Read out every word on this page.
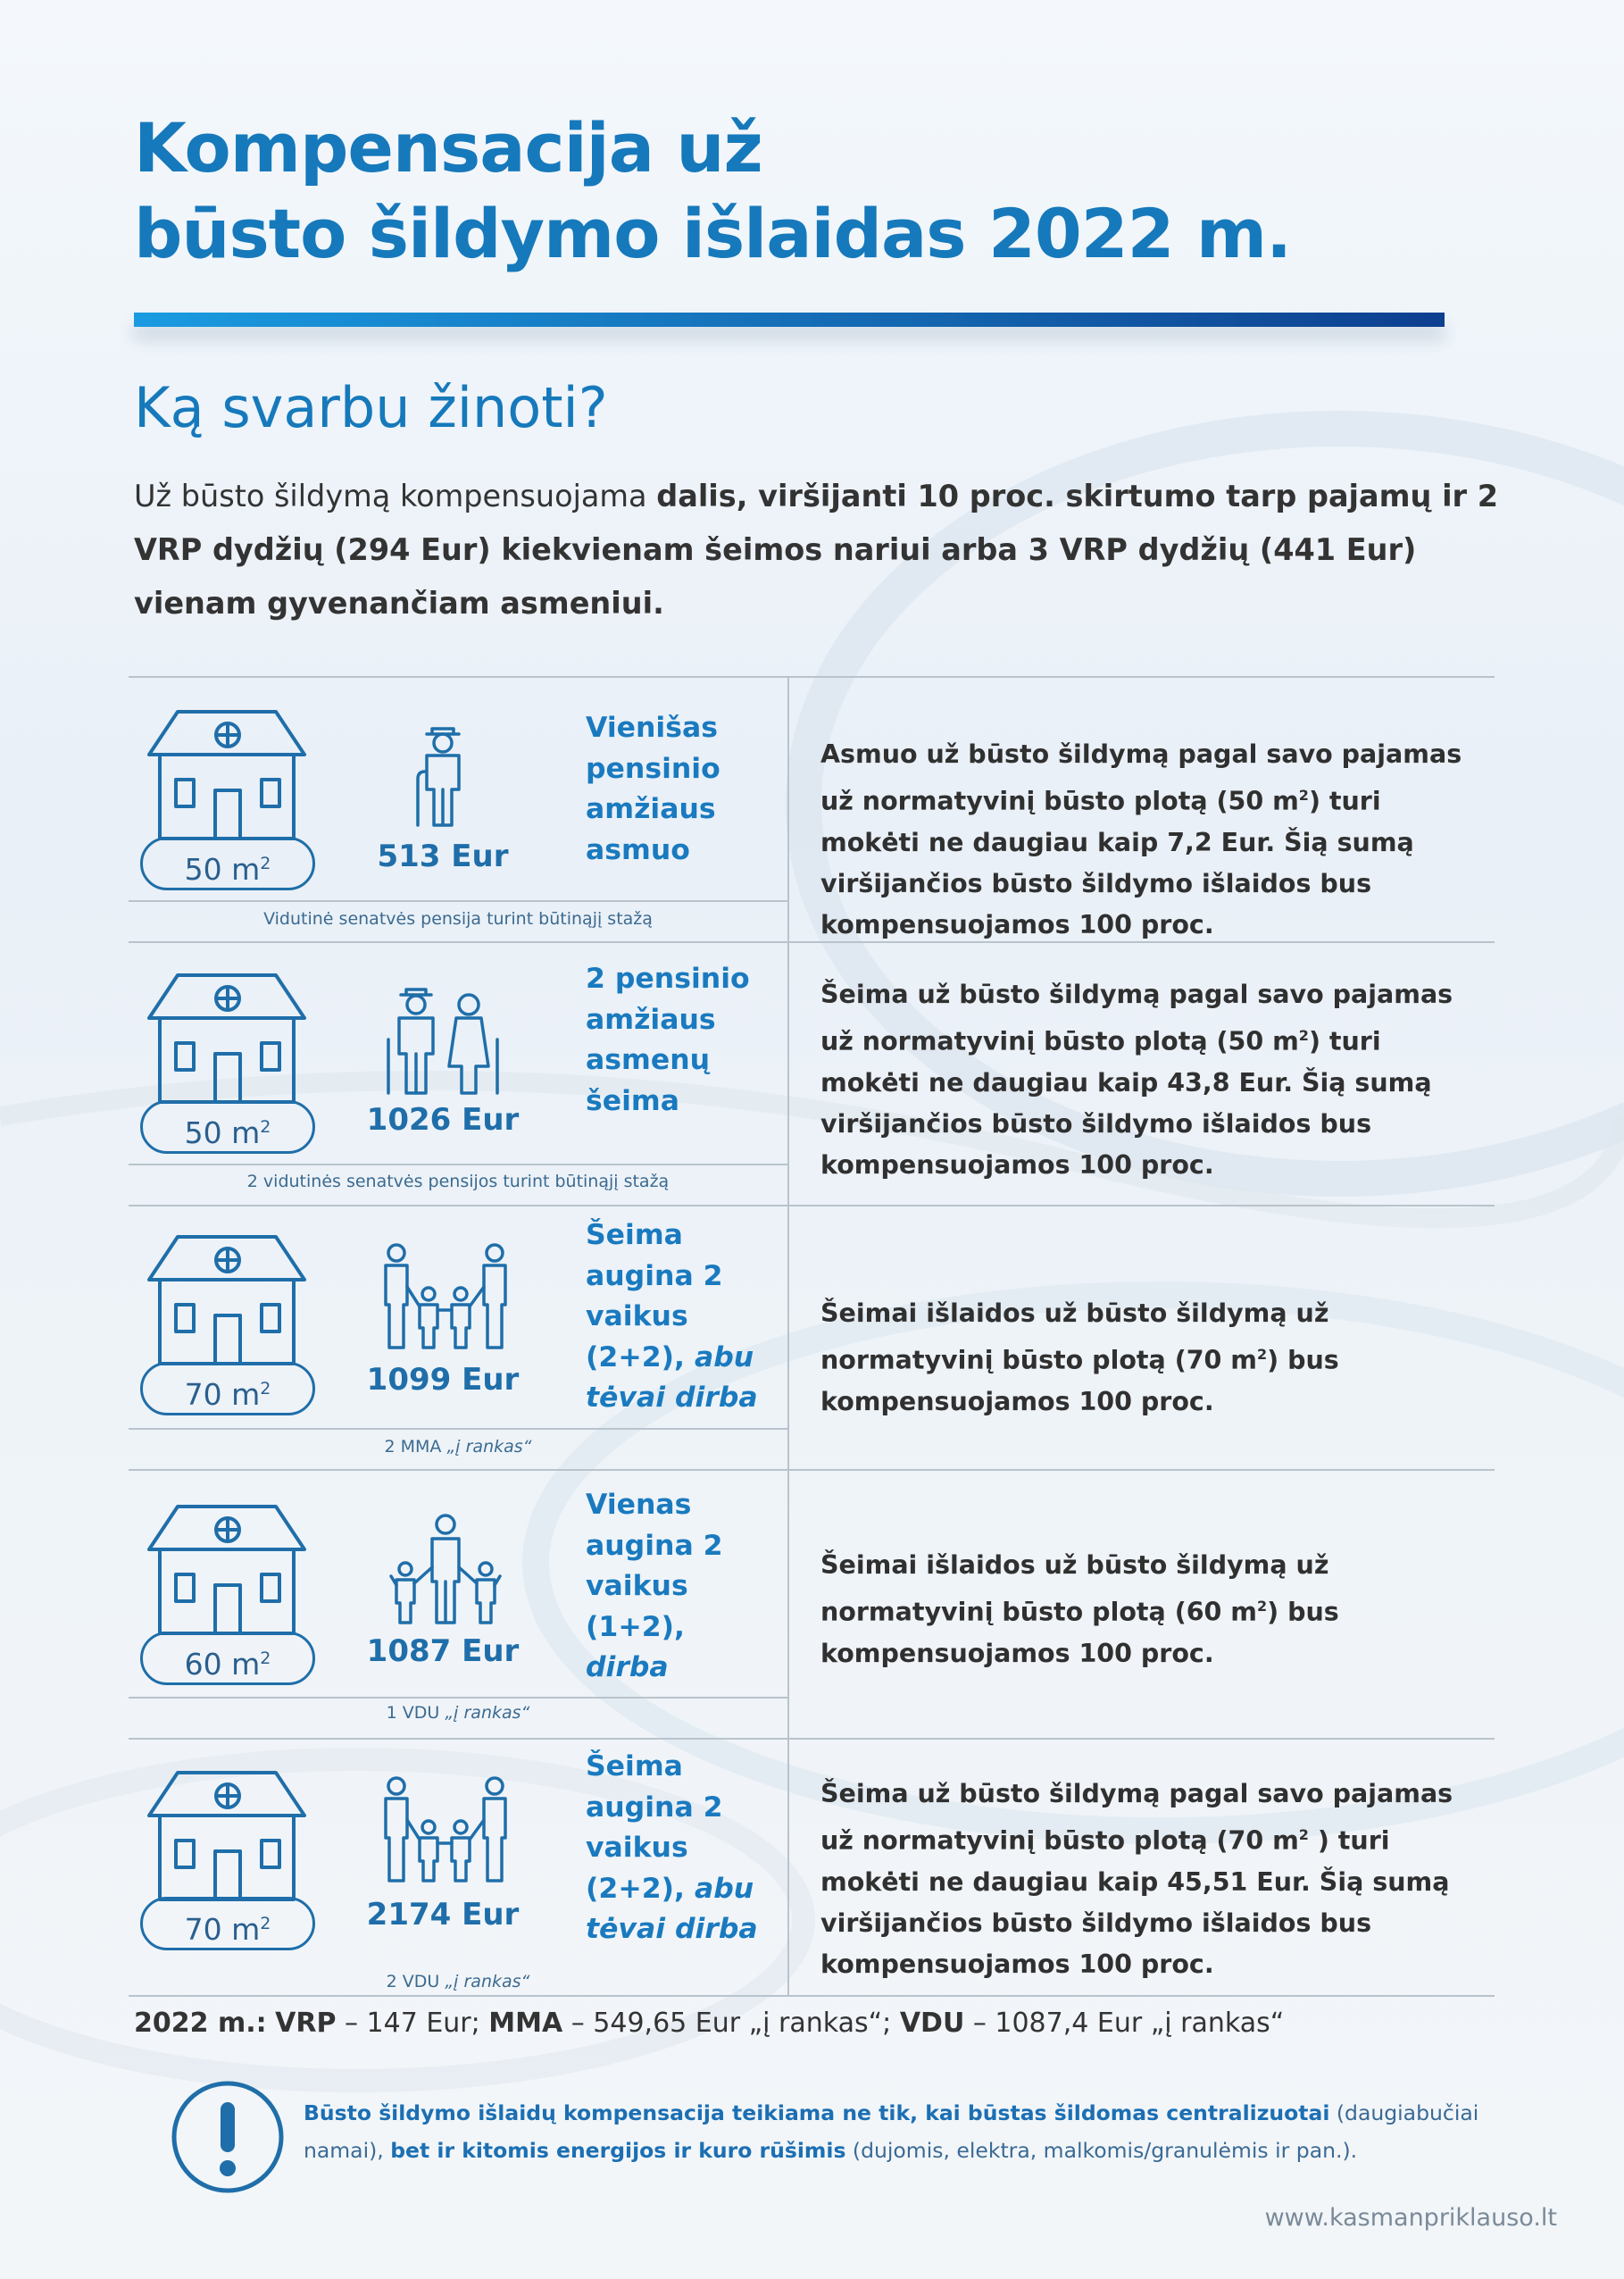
Kompensacija už
būsto šildymo išlaidas 2022 m.
Ką svarbu žinoti?
Už būsto šildymą kompensuojama dalis, viršijanti 10 proc. skirtumo tarp pajamų ir 2 VRP dydžių (294 Eur) kiekvienam šeimos nariui arba 3 VRP dydžių (441 Eur) vienam gyvenančiam asmeniui.
50 $m^2$	513 Eur
Vienišas pensinio amžiaus asmuo
Vidutinė senatvės pensija turint būtinąjį stažą
Asmuo už būsto šildymą pagal savo pajamas už normatyvinį būsto plotą (50 $m^2$) turi mokėti ne daugiau kaip 7,2 Eur. Šią sumą viršijančios būsto šildymo išlaidos bus kompensuojamos 100 proc.
50 $m^2$	1026 Eur
2 pensinio amžiaus asmenų šeima
2 vidutinės senatvės pensijos turint būtinąjį stažą
Šeima už būsto šildymą pagal savo pajamas už normatyvinį būsto plotą (50 $m^2$) turi mokėti ne daugiau kaip 43,8 Eur. Šią sumą viršijančios būsto šildymo išlaidos bus kompensuojamos 100 proc.
70 $m^2$	1099 Eur
Šeima augina 2 vaikus (2+2), abu tėvai dirba
2 MMA „į rankas“
Šeimai išlaidos už būsto šildymą už normatyvinį būsto plotą (70 $m^2$) bus kompensuojamos 100 proc.
60 $m^2$	1087 Eur
Vienas augina 2 vaikus (1+2), dirba
1 VDU „į rankas“
Šeimai išlaidos už būsto šildymą už normatyvinį būsto plotą (60 $m^2$) bus kompensuojamos 100 proc.
70 $m^2$	2174 Eur
Šeima augina 2 vaikus (2+2), abu tėvai dirba
2 VDU „į rankas“
Šeima už būsto šildymą pagal savo pajamas už normatyvinį būsto plotą (70 $m^2$ ) turi mokėti ne daugiau kaip 45,51 Eur. Šią sumą viršijančios būsto šildymo išlaidos bus kompensuojamos 100 proc.
2022 m.: VRP – 147 Eur; MMA – 549,65 Eur „į rankas“; VDU – 1087,4 Eur „į rankas“
Būsto šildymo išlaidų kompensacija teikiama ne tik, kai būstas šildomas centralizuotai (daugiabučiai namai), bet ir kitomis energijos ir kuro rūšimis (dujomis, elektra, malkomis/granulėmis ir pan.).
www.kasmanpriklauso.lt
